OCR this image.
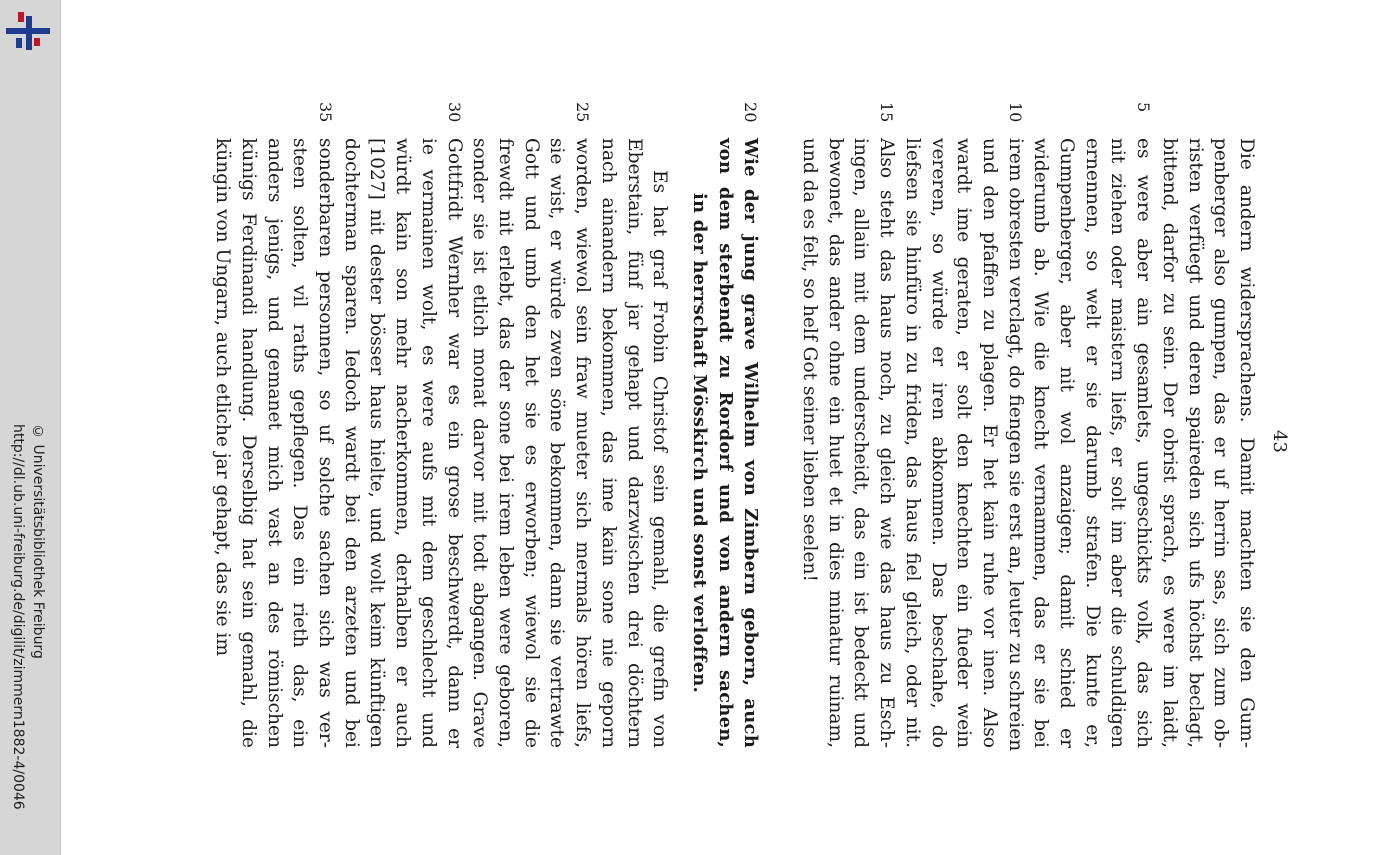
© Universitätsbibliothek Freiburg
http://dl.ub.uni-freiburg.de/digilit/zimmern1882-4/0046	43
Die andern widersprachens. Damit machten sie den Gum-
penberger also gumpen, das er uf herrin sas, sich zum ob-
risten verfüegt und deren spaireden sich ufs höchst beclagt,
bittend, darfor zu sein. Der obrist sprach, es were im laidt,
5
es were aber ain gesamlets, ungeschickts volk, das sich
nit ziehen oder maistern liefs, er solt im aber die schuldigen
ernennen, so welt er sie darumb strafen. Die kunte er,
Gumpenberger, aber nit wol anzaigen; damit schied er
widerumb ab. Wie die knecht vernammen, das er sie bei
10
irem obresten verclagt, do fiengen sie erst an, leuter zu schreien
und den pfaffen zu plagen. Er het kain ruhe vor inen. Also
wardt ime geraten, er solt den knechten ein fueder wein
vereren, so würde er iren abkommen. Das beschahe, do
liefsen sie hinfüro in zu friden, das haus fiel gleich, oder nit.
15
Also steht das haus noch, zu gleich wie das haus zu Esch-
ingen, allain mit dem underscheidt, das ein ist bedeckt und
bewonet, das ander ohne ein huet et in dies minatur ruinam,
und da es felt, so helf Got seiner lieben seelen!
20
Wie der jung grave Wilhelm von Zimbern geborn, auch
von dem sterbendt zu Rordorf und von andern sachen,
in der herrschaft Mösskirch und sonst verloffen.
Es hat graf Frobin Christof sein gemahl, die grefin von
Eberstain, fünf jar gehapt und darzwischen drei döchtern
nach ainandern bekommen, das ime kain sone nie geporn
25
worden, wiewol sein fraw mueter sich mermals hören liefs,
sie wist, er würde zwen söne bekommen, dann sie vertrawte
Gott und umb den het sie es erworben; wiewol sie die
frewdt nit erlebt, das der sone bei irem leben were geboren,
sonder sie ist etlich monat darvor mit todt abgangen. Grave
30
Gottfridt Wernher war es ein grose beschwerdt, dann er
ie vermainen wolt, es were aufs mit dem geschlecht und
würdt kain son mehr nacherkommen, derhalben er auch
[1027] nit dester bösser haus hielte, und wolt keim künftigen
dochterman sparen. Iedoch wardt bei den arzeten und bei
35
sonderbaren personnen, so uf solche sachen sich was ver-
steen solten, vil raths gepflegen. Das ein rieth das, ein
anders jenigs, und gemanet mich vast an des römischen
künigs Ferdinandi handlung. Derselbig hat sein gemahl, die
küngin von Ungarn, auch etliche jar gehapt, das sie im
